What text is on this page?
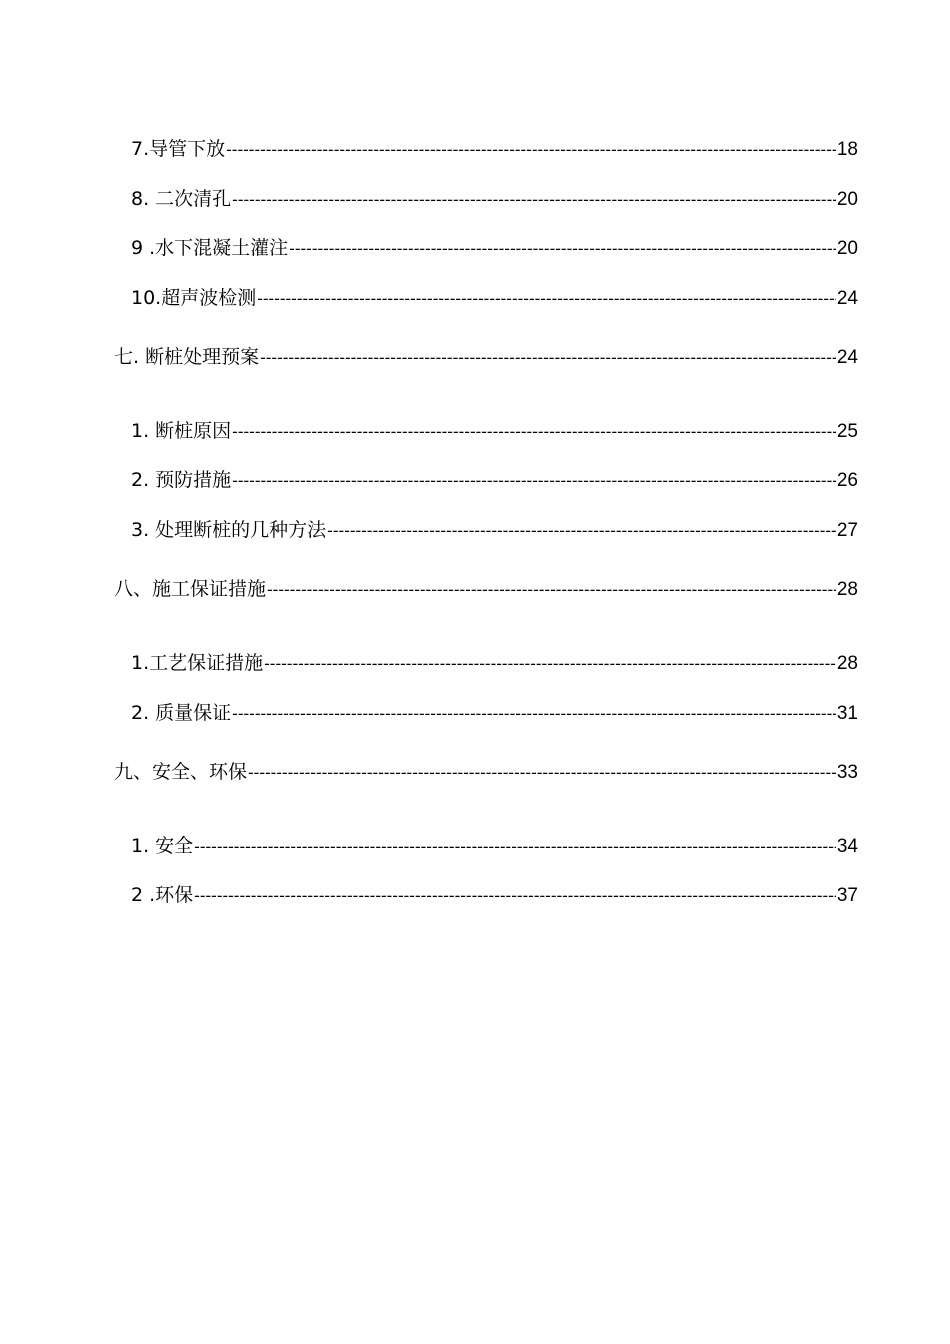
7.导管下放 -----	18
8. 二次清孔 -----	20
9 .水下混凝土灌注 -----	20
10.超声波检测 -----	24
七. 断桩处理预案 -----	24
1. 断桩原因 -----	25
2. 预防措施 -----	26
3. 处理断桩的几种方法 -----	27
八、施工保证措施 -----	28
1.工艺保证措施 -----	28
2. 质量保证 -----	31
九、安全、环保 -----	33
1. 安全 -----	34
2 .环保 -----	37
